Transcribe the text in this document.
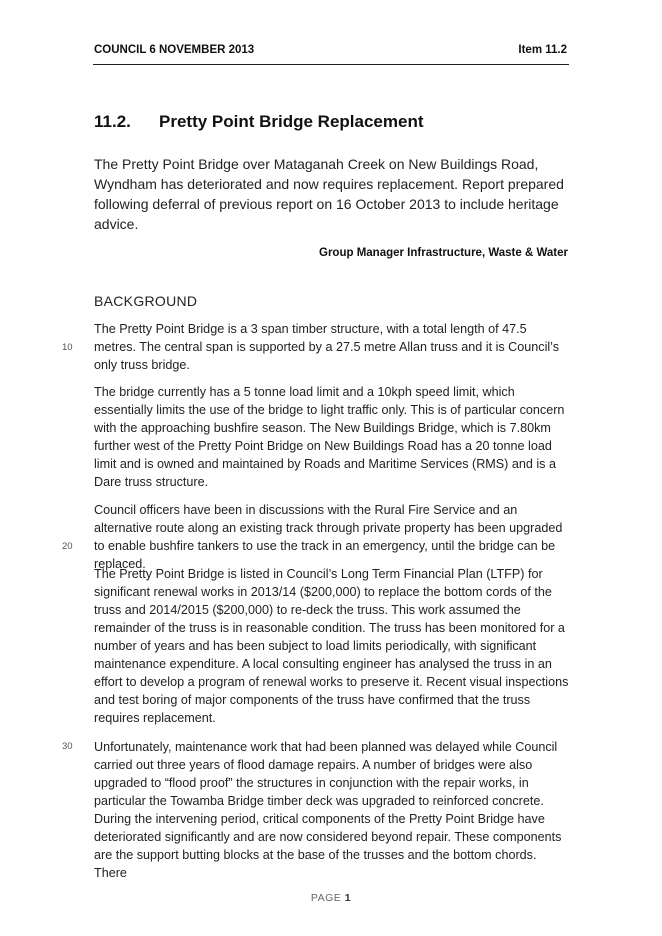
COUNCIL 6 NOVEMBER 2013	Item 11.2
11.2.	Pretty Point Bridge Replacement

The Pretty Point Bridge over Mataganah Creek on New Buildings Road, Wyndham has deteriorated and now requires replacement. Report prepared following deferral of previous report on 16 October 2013 to include heritage advice.

Group Manager Infrastructure, Waste & Water
BACKGROUND

The Pretty Point Bridge is a 3 span timber structure, with a total length of 47.5 metres. The central span is supported by a 27.5 metre Allan truss and it is Council’s only truss bridge.

The bridge currently has a 5 tonne load limit and a 10kph speed limit, which essentially limits the use of the bridge to light traffic only. This is of particular concern with the approaching bushfire season. The New Buildings Bridge, which is 7.80km further west of the Pretty Point Bridge on New Buildings Road has a 20 tonne load limit and is owned and maintained by Roads and Maritime Services (RMS) and is a Dare truss structure.

Council officers have been in discussions with the Rural Fire Service and an alternative route along an existing track through private property has been upgraded to enable bushfire tankers to use the track in an emergency, until the bridge can be replaced.

The Pretty Point Bridge is listed in Council’s Long Term Financial Plan (LTFP) for significant renewal works in 2013/14 ($200,000) to replace the bottom cords of the truss and 2014/2015 ($200,000) to re-deck the truss. This work assumed the remainder of the truss is in reasonable condition. The truss has been monitored for a number of years and has been subject to load limits periodically, with significant maintenance expenditure. A local consulting engineer has analysed the truss in an effort to develop a program of renewal works to preserve it. Recent visual inspections and test boring of major components of the truss have confirmed that the truss requires replacement.

Unfortunately, maintenance work that had been planned was delayed while Council carried out three years of flood damage repairs. A number of bridges were also upgraded to “flood proof” the structures in conjunction with the repair works, in particular the Towamba Bridge timber deck was upgraded to reinforced concrete. During the intervening period, critical components of the Pretty Point Bridge have deteriorated significantly and are now considered beyond repair. These components are the support butting blocks at the base of the trusses and the bottom chords. There

10
20
30
PAGE 1
